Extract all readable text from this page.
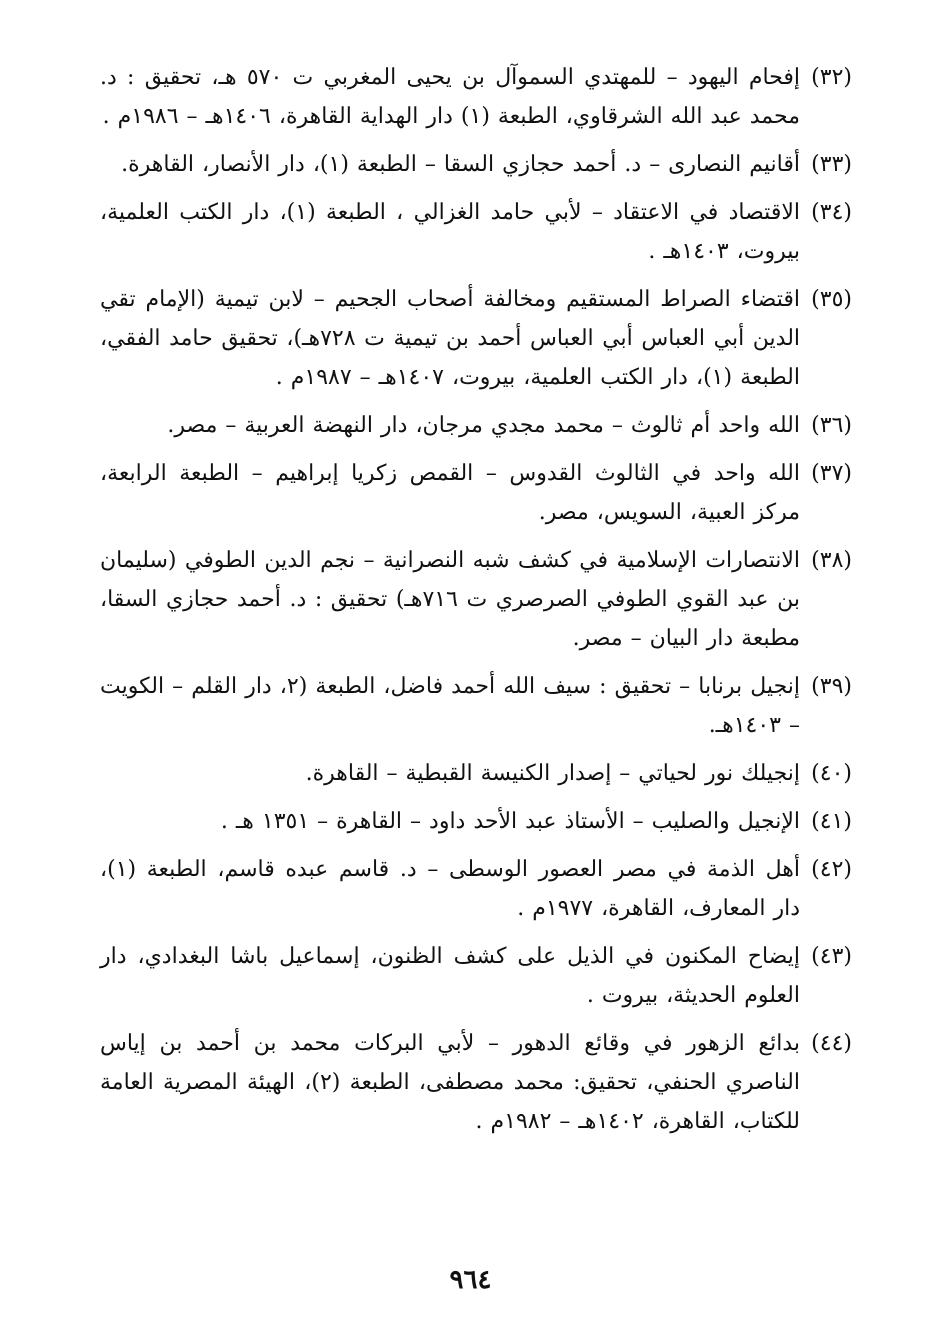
(٣٢)
إفحام اليهود – للمهتدي السموآل بن يحيى المغربي ت ٥٧٠ هـ، تحقيق : د. محمد عبد الله الشرقاوي، الطبعة (١) دار الهداية القاهرة، ١٤٠٦هـ – ١٩٨٦م .
(٣٣)
أقانيم النصارى – د. أحمد حجازي السقا – الطبعة (١)، دار الأنصار، القاهرة.
(٣٤)
الاقتصاد في الاعتقاد – لأبي حامد الغزالي ، الطبعة (١)، دار الكتب العلمية، بيروت، ١٤٠٣هـ .
(٣٥)
اقتضاء الصراط المستقيم ومخالفة أصحاب الجحيم – لابن تيمية (الإمام تقي الدين أبي العباس أبي العباس أحمد بن تيمية ت ٧٢٨هـ)، تحقيق حامد الفقي، الطبعة (١)، دار الكتب العلمية، بيروت، ١٤٠٧هـ – ١٩٨٧م .
(٣٦)
الله واحد أم ثالوث – محمد مجدي مرجان، دار النهضة العربية – مصر.
(٣٧)
الله واحد في الثالوث القدوس – القمص زكريا إبراهيم – الطبعة الرابعة، مركز العبية، السويس، مصر.
(٣٨)
الانتصارات الإسلامية في كشف شبه النصرانية – نجم الدين الطوفي (سليمان بن عبد القوي الطوفي الصرصري ت ٧١٦هـ) تحقيق : د. أحمد حجازي السقا، مطبعة دار البيان – مصر.
(٣٩)
إنجيل برنابا – تحقيق : سيف الله أحمد فاضل، الطبعة (٢، دار القلم – الكويت – ١٤٠٣هـ.
(٤٠)
إنجيلك نور لحياتي – إصدار الكنيسة القبطية – القاهرة.
(٤١)
الإنجيل والصليب – الأستاذ عبد الأحد داود – القاهرة – ١٣٥١ هـ .
(٤٢)
أهل الذمة في مصر العصور الوسطى – د. قاسم عبده قاسم، الطبعة (١)، دار المعارف، القاهرة، ١٩٧٧م .
(٤٣)
إيضاح المكنون في الذيل على كشف الظنون، إسماعيل باشا البغدادي، دار العلوم الحديثة، بيروت .
(٤٤)
بدائع الزهور في وقائع الدهور – لأبي البركات محمد بن أحمد بن إياس الناصري الحنفي، تحقيق: محمد مصطفى، الطبعة (٢)، الهيئة المصرية العامة للكتاب، القاهرة، ١٤٠٢هـ – ١٩٨٢م .
٩٦٤
